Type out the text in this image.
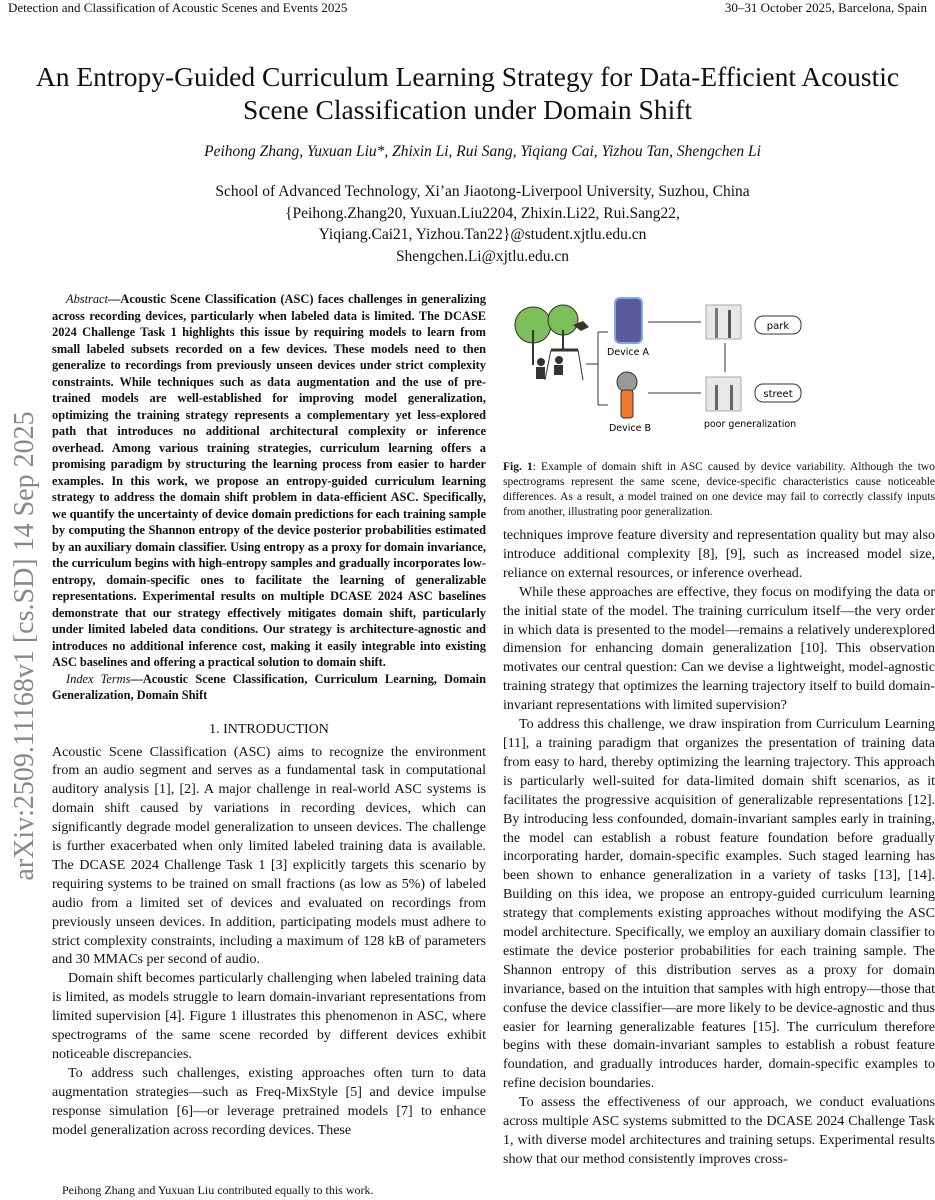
Detection and Classification of Acoustic Scenes and Events 2025	30–31 October 2025, Barcelona, Spain
An Entropy-Guided Curriculum Learning Strategy for Data-Efficient Acoustic Scene Classification under Domain Shift
Peihong Zhang, Yuxuan Liu*, Zhixin Li, Rui Sang, Yiqiang Cai, Yizhou Tan, Shengchen Li
School of Advanced Technology, Xi’an Jiaotong-Liverpool University, Suzhou, China
{Peihong.Zhang20, Yuxuan.Liu2204, Zhixin.Li22, Rui.Sang22,
Yiqiang.Cai21, Yizhou.Tan22}@student.xjtlu.edu.cn
Shengchen.Li@xjtlu.edu.cn
arXiv:2509.11168v1 [cs.SD] 14 Sep 2025

Abstract—Acoustic Scene Classification (ASC) faces challenges in generalizing across recording devices, particularly when labeled data is limited. The DCASE 2024 Challenge Task 1 highlights this issue by requiring models to learn from small labeled subsets recorded on a few devices. These models need to then generalize to recordings from previously unseen devices under strict complexity constraints. While techniques such as data augmentation and the use of pre-trained models are well-established for improving model generalization, optimizing the training strategy represents a complementary yet less-explored path that introduces no additional architectural complexity or inference overhead. Among various training strategies, curriculum learning offers a promising paradigm by structuring the learning process from easier to harder examples. In this work, we propose an entropy-guided curriculum learning strategy to address the domain shift problem in data-efficient ASC. Specifically, we quantify the uncertainty of device domain predictions for each training sample by computing the Shannon entropy of the device posterior probabilities estimated by an auxiliary domain classifier. Using entropy as a proxy for domain invariance, the curriculum begins with high-entropy samples and gradually incorporates low-entropy, domain-specific ones to facilitate the learning of generalizable representations. Experimental results on multiple DCASE 2024 ASC baselines demonstrate that our strategy effectively mitigates domain shift, particularly under limited labeled data conditions. Our strategy is architecture-agnostic and introduces no additional inference cost, making it easily integrable into existing ASC baselines and offering a practical solution to domain shift.

Index Terms—Acoustic Scene Classification, Curriculum Learning, Domain Generalization, Domain Shift

1. INTRODUCTION

Acoustic Scene Classification (ASC) aims to recognize the environment from an audio segment and serves as a fundamental task in computational auditory analysis [1], [2]. A major challenge in real-world ASC systems is domain shift caused by variations in recording devices, which can significantly degrade model generalization to unseen devices. The challenge is further exacerbated when only limited labeled training data is available. The DCASE 2024 Challenge Task 1 [3] explicitly targets this scenario by requiring systems to be trained on small fractions (as low as 5%) of labeled audio from a limited set of devices and evaluated on recordings from previously unseen devices. In addition, participating models must adhere to strict complexity constraints, including a maximum of 128 kB of parameters and 30 MMACs per second of audio.

Domain shift becomes particularly challenging when labeled training data is limited, as models struggle to learn domain-invariant representations from limited supervision [4]. Figure 1 illustrates this phenomenon in ASC, where spectrograms of the same scene recorded by different devices exhibit noticeable discrepancies.

To address such challenges, existing approaches often turn to data augmentation strategies—such as Freq-MixStyle [5] and device impulse response simulation [6]—or leverage pretrained models [7] to enhance model generalization across recording devices. These

Device A
Device B
park
street
poor generalization

Fig. 1: Example of domain shift in ASC caused by device variability. Although the two spectrograms represent the same scene, device-specific characteristics cause noticeable differences. As a result, a model trained on one device may fail to correctly classify inputs from another, illustrating poor generalization.

techniques improve feature diversity and representation quality but may also introduce additional complexity [8], [9], such as increased model size, reliance on external resources, or inference overhead.

While these approaches are effective, they focus on modifying the data or the initial state of the model. The training curriculum itself—the very order in which data is presented to the model—remains a relatively underexplored dimension for enhancing domain generalization [10]. This observation motivates our central question: Can we devise a lightweight, model-agnostic training strategy that optimizes the learning trajectory itself to build domain-invariant representations with limited supervision?

To address this challenge, we draw inspiration from Curriculum Learning [11], a training paradigm that organizes the presentation of training data from easy to hard, thereby optimizing the learning trajectory. This approach is particularly well-suited for data-limited domain shift scenarios, as it facilitates the progressive acquisition of generalizable representations [12]. By introducing less confounded, domain-invariant samples early in training, the model can establish a robust feature foundation before gradually incorporating harder, domain-specific examples. Such staged learning has been shown to enhance generalization in a variety of tasks [13], [14]. Building on this idea, we propose an entropy-guided curriculum learning strategy that complements existing approaches without modifying the ASC model architecture. Specifically, we employ an auxiliary domain classifier to estimate the device posterior probabilities for each training sample. The Shannon entropy of this distribution serves as a proxy for domain invariance, based on the intuition that samples with high entropy—those that confuse the device classifier—are more likely to be device-agnostic and thus easier for learning generalizable features [15]. The curriculum therefore begins with these domain-invariant samples to establish a robust feature foundation, and gradually introduces harder, domain-specific examples to refine decision boundaries.

To assess the effectiveness of our approach, we conduct evaluations across multiple ASC systems submitted to the DCASE 2024 Challenge Task 1, with diverse model architectures and training setups. Experimental results show that our method consistently improves cross-

Peihong Zhang and Yuxuan Liu contributed equally to this work.
